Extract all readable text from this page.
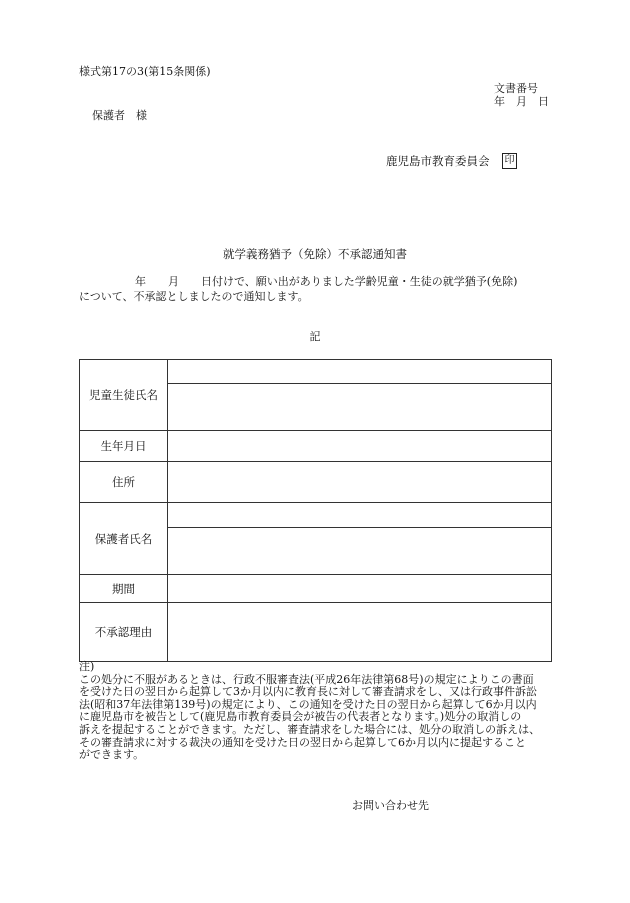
様式第17の3(第15条関係)
文書番号
年　月　日
保護者　様
鹿児島市教育委員会 印
就学義務猶予（免除）不承認通知書
年　　月　　日付けで、願い出がありました学齢児童・生徒の就学猶予(免除)
について、不承認としましたので通知します。
記
児童生徒氏名	

生年月日	
住所	
保護者氏名	

期間	
不承認理由	
注)
この処分に不服があるときは、行政不服審査法(平成26年法律第68号)の規定によりこの書面
を受けた日の翌日から起算して3か月以内に教育長に対して審査請求をし、又は行政事件訴訟
法(昭和37年法律第139号)の規定により、この通知を受けた日の翌日から起算して6か月以内
に鹿児島市を被告として(鹿児島市教育委員会が被告の代表者となります。)処分の取消しの
訴えを提起することができます。ただし、審査請求をした場合には、処分の取消しの訴えは、
その審査請求に対する裁決の通知を受けた日の翌日から起算して6か月以内に提起すること
ができます。
お問い合わせ先
